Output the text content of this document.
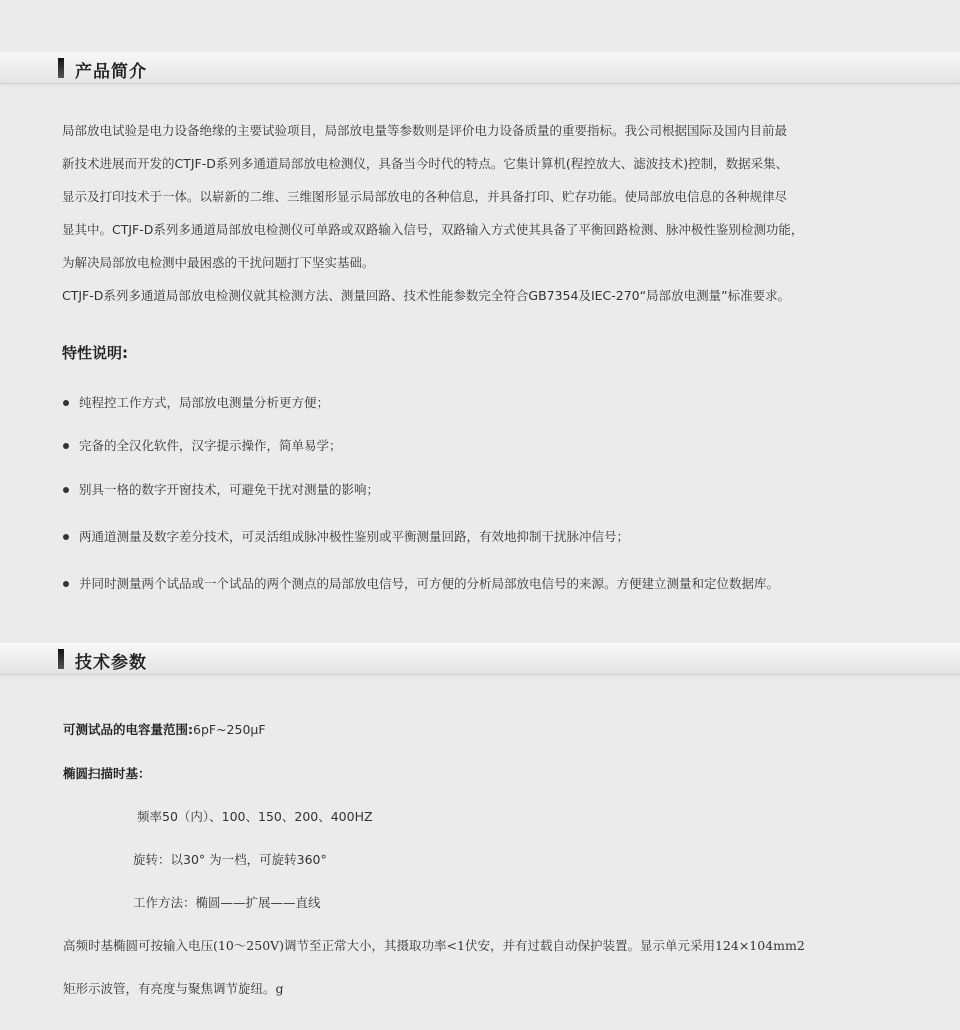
产品简介
局部放电试验是电力设备绝缘的主要试验项目，局部放电量等参数则是评价电力设备质量的重要指标。我公司根据国际及国内目前最
新技术进展而开发的CTJF-D系列多通道局部放电检测仪，具备当今时代的特点。它集计算机(程控放大、滤波技术)控制，数据采集、
显示及打印技术于一体。以崭新的二维、三维图形显示局部放电的各种信息，并具备打印、贮存功能。使局部放电信息的各种规律尽
显其中。CTJF-D系列多通道局部放电检测仪可单路或双路输入信号，双路输入方式使其具备了平衡回路检测、脉冲极性鉴别检测功能，
为解决局部放电检测中最困惑的干扰问题打下坚实基础。
CTJF-D系列多通道局部放电检测仪就其检测方法、测量回路、技术性能参数完全符合GB7354及IEC-270“局部放电测量”标准要求。
特性说明:
纯程控工作方式，局部放电测量分析更方便；
完备的全汉化软件，汉字提示操作，简单易学；
别具一格的数字开窗技术，可避免干扰对测量的影响；
两通道测量及数字差分技术，可灵活组成脉冲极性鉴别或平衡测量回路，有效地抑制干扰脉冲信号；
并同时测量两个试品或一个试品的两个测点的局部放电信号，可方便的分析局部放电信号的来源。方便建立测量和定位数据库。
技术参数
可测试品的电容量范围:6pF~250μF
椭圆扫描时基：
频率50（内）、100、150、200、400HZ
旋转：以30° 为一档，可旋转360°
工作方法：椭圆——扩展——直线
高频时基椭圆可按输入电压(10～250V)调节至正常大小，其摄取功率<1伏安，并有过载自动保护装置。显示单元采用124×104mm2
矩形示波管，有亮度与聚焦调节旋纽。g
